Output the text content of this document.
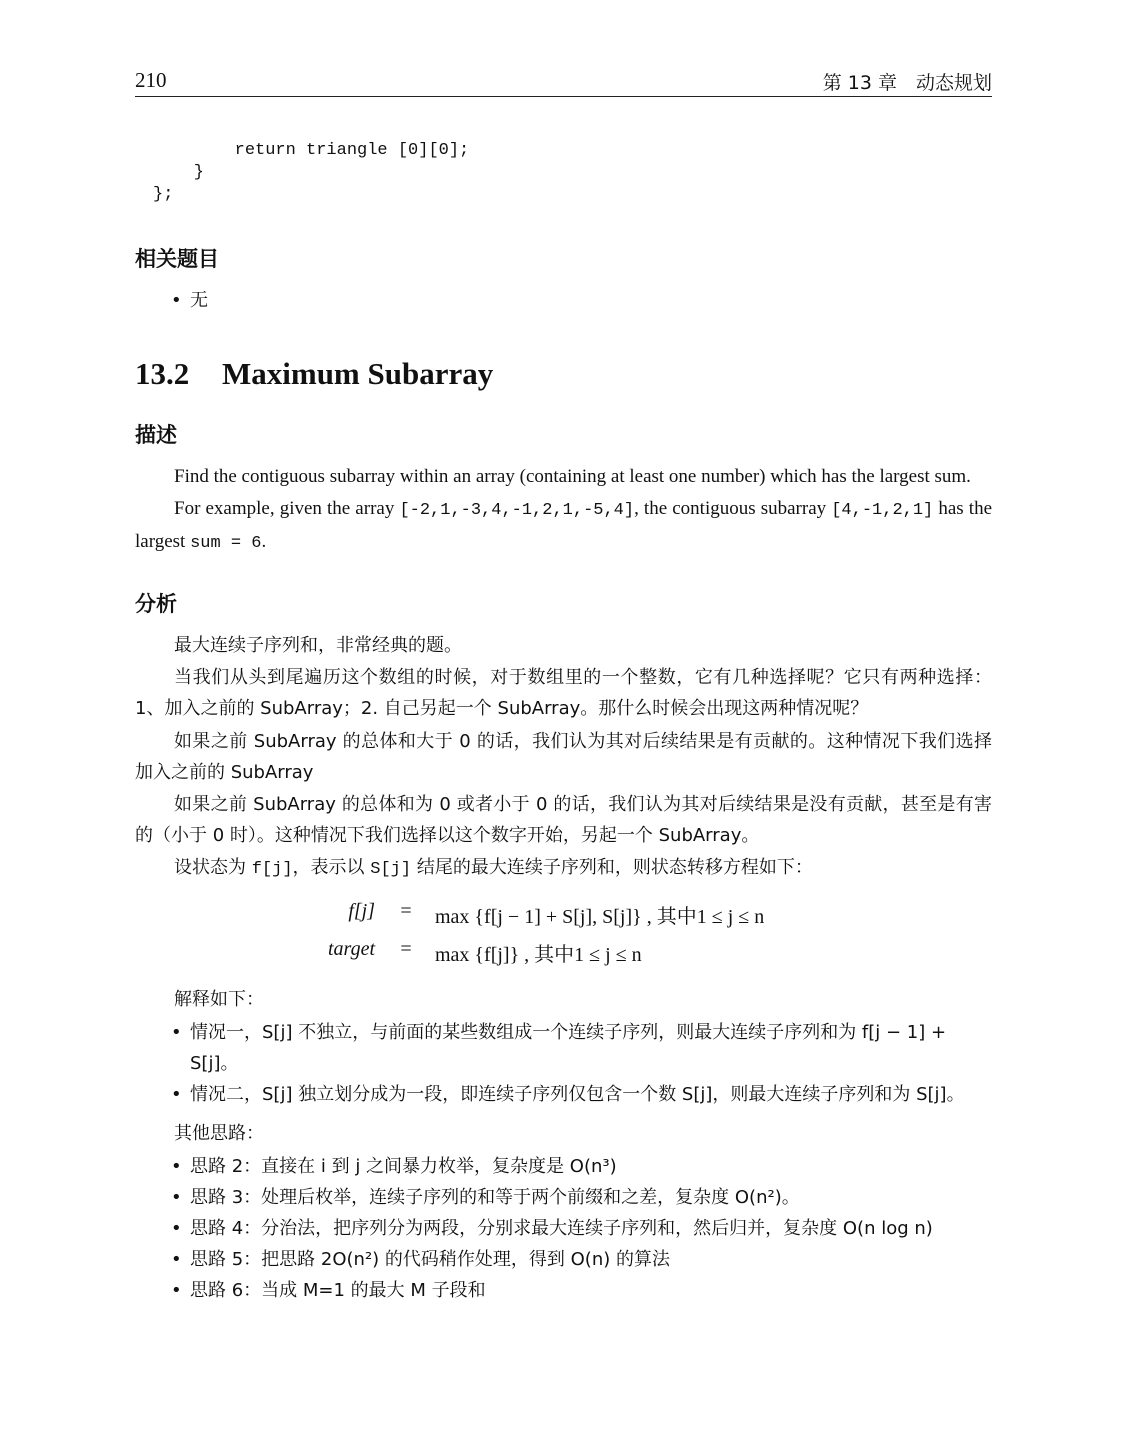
210	第 13 章　动态规划
return triangle [0][0];
}
};
相关题目
• 无
13.2 Maximum Subarray
描述
Find the contiguous subarray within an array (containing at least one number) which has the largest sum.
For example, given the array [-2,1,-3,4,-1,2,1,-5,4], the contiguous subarray [4,-1,2,1] has the largest sum = 6.
分析
最大连续子序列和，非常经典的题。
当我们从头到尾遍历这个数组的时候，对于数组里的一个整数，它有几种选择呢？它只有两种选择：1、加入之前的 SubArray；2. 自己另起一个 SubArray。那什么时候会出现这两种情况呢？
如果之前 SubArray 的总体和大于 0 的话，我们认为其对后续结果是有贡献的。这种情况下我们选择加入之前的 SubArray
如果之前 SubArray 的总体和为 0 或者小于 0 的话，我们认为其对后续结果是没有贡献，甚至是有害的（小于 0 时）。这种情况下我们选择以这个数字开始，另起一个 SubArray。
设状态为 f[j]，表示以 S[j] 结尾的最大连续子序列和，则状态转移方程如下：
f[j]	=	max {f[j − 1] + S[j], S[j]} , 其中1 ≤ j ≤ n
target	=	max {f[j]} , 其中1 ≤ j ≤ n
解释如下：
• 情况一，S[j] 不独立，与前面的某些数组成一个连续子序列，则最大连续子序列和为 f[j − 1] + S[j]。
• 情况二，S[j] 独立划分成为一段，即连续子序列仅包含一个数 S[j]，则最大连续子序列和为 S[j]。
其他思路：
• 思路 2：直接在 i 到 j 之间暴力枚举，复杂度是 O(n³)
• 思路 3：处理后枚举，连续子序列的和等于两个前缀和之差，复杂度 O(n²)。
• 思路 4：分治法，把序列分为两段，分别求最大连续子序列和，然后归并，复杂度 O(n log n)
• 思路 5：把思路 2O(n²) 的代码稍作处理，得到 O(n) 的算法
• 思路 6：当成 M=1 的最大 M 子段和
